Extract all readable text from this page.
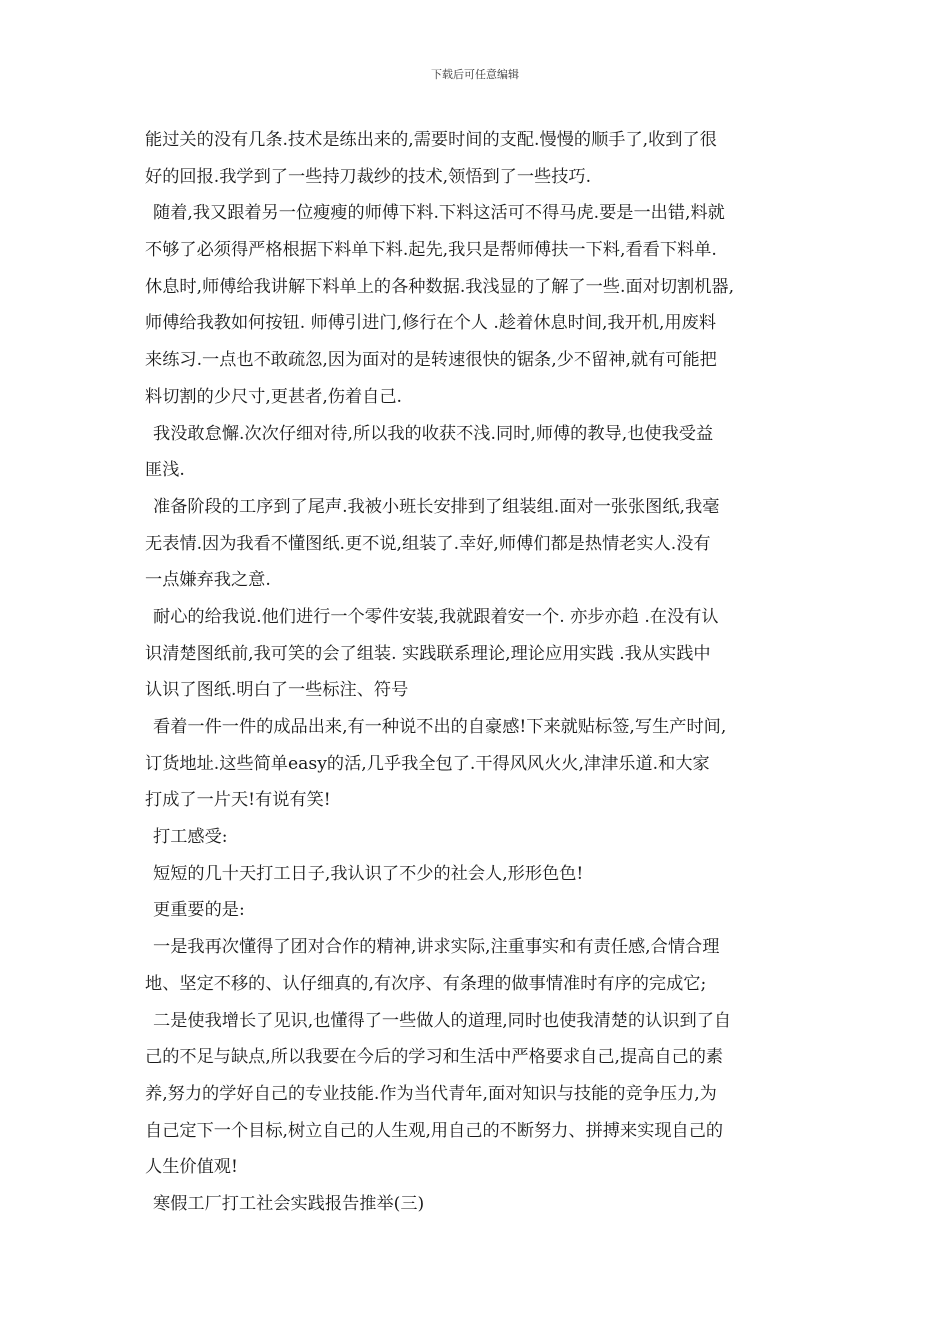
下载后可任意编辑
能过关的没有几条.技术是练出来的,需要时间的支配.慢慢的顺手了,收到了很
好的回报.我学到了一些持刀裁纱的技术,领悟到了一些技巧.
随着,我又跟着另一位瘦瘦的师傅下料.下料这活可不得马虎.要是一出错,料就
不够了必须得严格根据下料单下料.起先,我只是帮师傅扶一下料,看看下料单.
休息时,师傅给我讲解下料单上的各种数据.我浅显的了解了一些.面对切割机器,
师傅给我教如何按钮. 师傅引进门,修行在个人 .趁着休息时间,我开机,用废料
来练习.一点也不敢疏忽,因为面对的是转速很快的锯条,少不留神,就有可能把
料切割的少尺寸,更甚者,伤着自己.
我没敢怠懈.次次仔细对待,所以我的收获不浅.同时,师傅的教导,也使我受益
匪浅.
准备阶段的工序到了尾声.我被小班长安排到了组装组.面对一张张图纸,我毫
无表情.因为我看不懂图纸.更不说,组装了.幸好,师傅们都是热情老实人.没有
一点嫌弃我之意.
耐心的给我说.他们进行一个零件安装,我就跟着安一个. 亦步亦趋 .在没有认
识清楚图纸前,我可笑的会了组装. 实践联系理论,理论应用实践 .我从实践中
认识了图纸.明白了一些标注、符号
看着一件一件的成品出来,有一种说不出的自豪感!下来就贴标签,写生产时间,
订货地址.这些简单easy的活,几乎我全包了.干得风风火火,津津乐道.和大家
打成了一片天!有说有笑!
打工感受:
短短的几十天打工日子,我认识了不少的社会人,形形色色!
更重要的是:
一是我再次懂得了团对合作的精神,讲求实际,注重事实和有责任感,合情合理
地、坚定不移的、认仔细真的,有次序、有条理的做事情准时有序的完成它;
二是使我增长了见识,也懂得了一些做人的道理,同时也使我清楚的认识到了自
己的不足与缺点,所以我要在今后的学习和生活中严格要求自己,提高自己的素
养,努力的学好自己的专业技能.作为当代青年,面对知识与技能的竞争压力,为
自己定下一个目标,树立自己的人生观,用自己的不断努力、拼搏来实现自己的
人生价值观!
寒假工厂打工社会实践报告推举(三)
